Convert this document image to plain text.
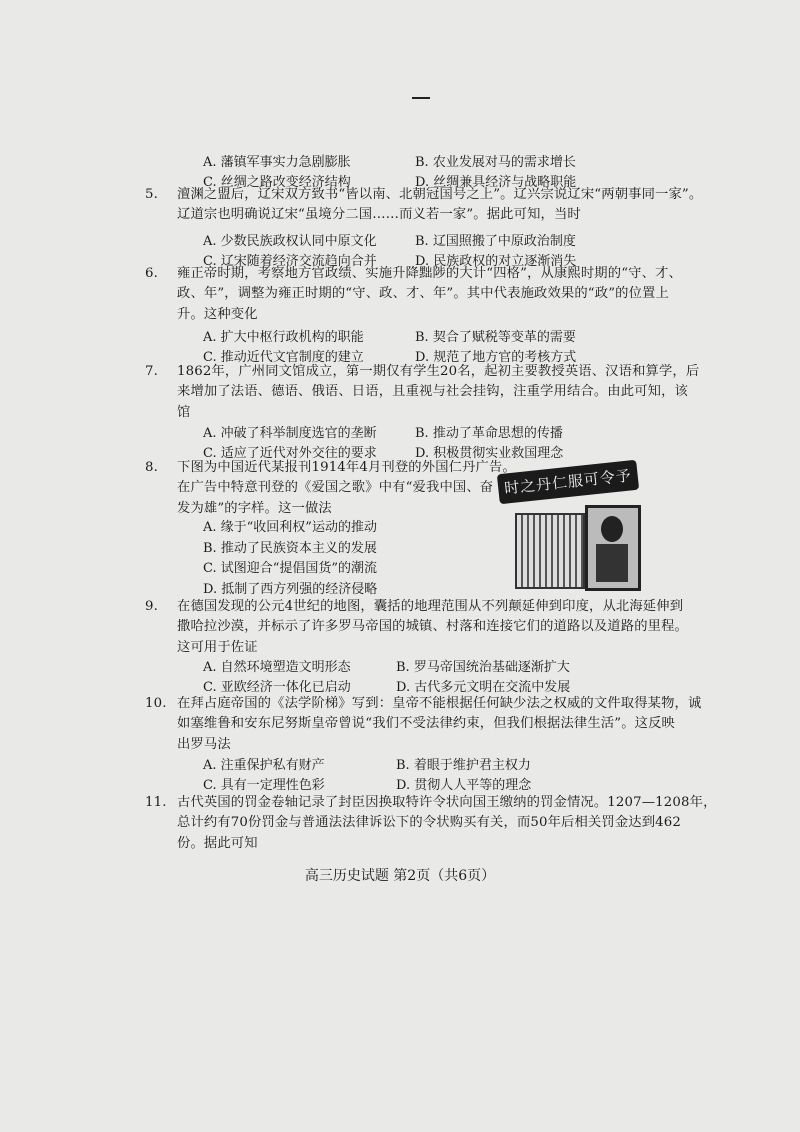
A. 藩镇军事实力急剧膨胀	B. 农业发展对马的需求增长
C. 丝绸之路改变经济结构	D. 丝绸兼具经济与战略职能
5. 澶渊之盟后，辽宋双方致书“皆以南、北朝冠国号之上”。辽兴宗说辽宋“两朝事同一家”。
辽道宗也明确说辽宋“虽境分二国……而义若一家”。据此可知，当时
A. 少数民族政权认同中原文化	B. 辽国照搬了中原政治制度
C. 辽宋随着经济交流趋向合并	D. 民族政权的对立逐渐消失
6. 雍正帝时期，考察地方官政绩、实施升降黜陟的大计“四格”，从康熙时期的“守、才、
政、年”，调整为雍正时期的“守、政、才、年”。其中代表施政效果的“政”的位置上
升。这种变化
A. 扩大中枢行政机构的职能	B. 契合了赋税等变革的需要
C. 推动近代文官制度的建立	D. 规范了地方官的考核方式
7. 1862年，广州同文馆成立，第一期仅有学生20名，起初主要教授英语、汉语和算学，后
来增加了法语、德语、俄语、日语，且重视与社会挂钩，注重学用结合。由此可知，该
馆
A. 冲破了科举制度选官的垄断	B. 推动了革命思想的传播
C. 适应了近代对外交往的要求	D. 积极贯彻实业救国理念
8. 下图为中国近代某报刊1914年4月刊登的外国仁丹广告。
在广告中特意刊登的《爱国之歌》中有“爱我中国、奋
发为雄”的字样。这一做法
A. 缘于“收回利权”运动的推动
B. 推动了民族资本主义的发展
C. 试图迎合“提倡国货”的潮流
D. 抵制了西方列强的经济侵略
时之丹仁服可令予
9. 在德国发现的公元4世纪的地图，囊括的地理范围从不列颠延伸到印度，从北海延伸到
撒哈拉沙漠，并标示了许多罗马帝国的城镇、村落和连接它们的道路以及道路的里程。
这可用于佐证
A. 自然环境塑造文明形态	B. 罗马帝国统治基础逐渐扩大
C. 亚欧经济一体化已启动	D. 古代多元文明在交流中发展
10. 在拜占庭帝国的《法学阶梯》写到：皇帝不能根据任何缺少法之权威的文件取得某物，诚
如塞维鲁和安东尼努斯皇帝曾说“我们不受法律约束，但我们根据法律生活”。这反映
出罗马法
A. 注重保护私有财产	B. 着眼于维护君主权力
C. 具有一定理性色彩	D. 贯彻人人平等的理念
11. 古代英国的罚金卷轴记录了封臣因换取特许令状向国王缴纳的罚金情况。1207—1208年，
总计约有70份罚金与普通法法律诉讼下的令状购买有关，而50年后相关罚金达到462
份。据此可知
高三历史试题 第2页（共6页）
